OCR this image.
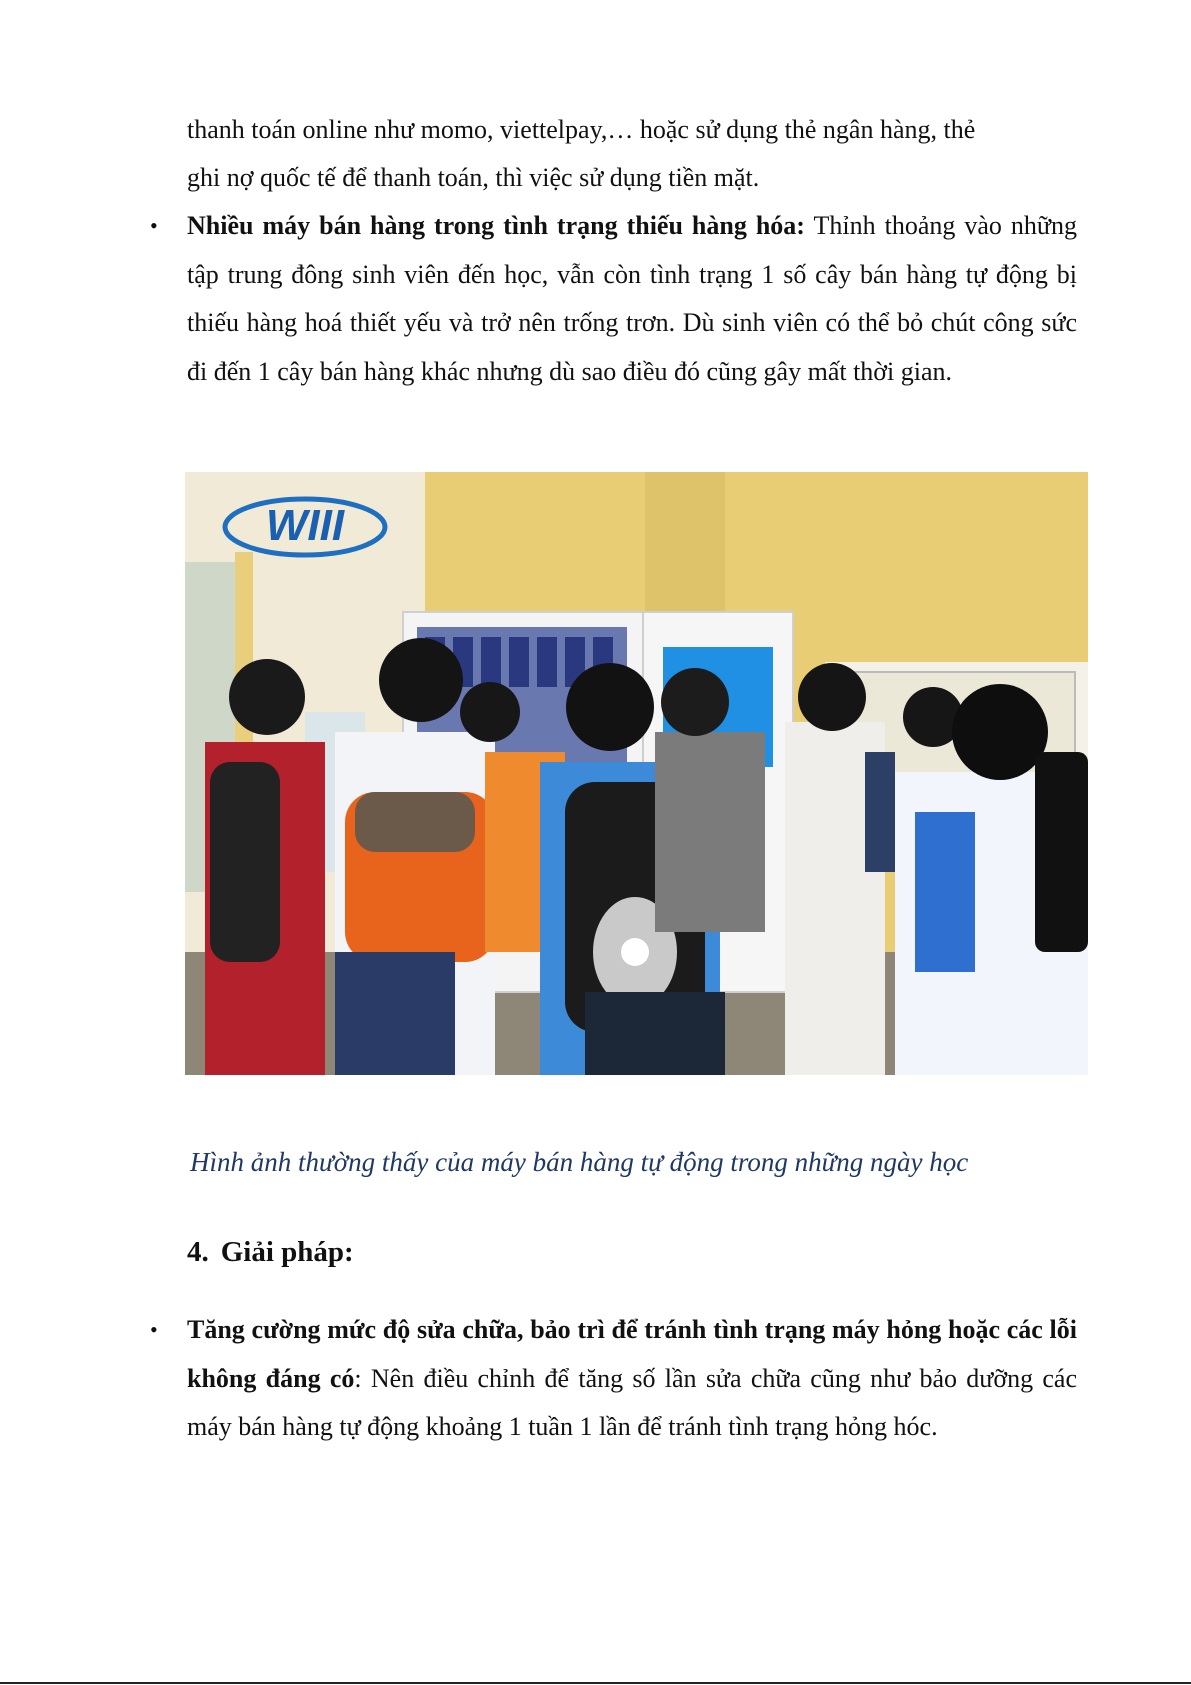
thanh toán online như momo, viettelpay,… hoặc sử dụng thẻ ngân hàng, thẻ

ghi nợ quốc tế để thanh toán, thì việc sử dụng tiền mặt.

• Nhiều máy bán hàng trong tình trạng thiếu hàng hóa: Thỉnh thoảng vào những tập trung đông sinh viên đến học, vẫn còn tình trạng 1 số cây bán hàng tự động bị thiếu hàng hoá thiết yếu và trở nên trống trơn. Dù sinh viên có thể bỏ chút công sức đi đến 1 cây bán hàng khác nhưng dù sao điều đó cũng gây mất thời gian.

WIII

Hình ảnh thường thấy của máy bán hàng tự động trong những ngày học

4. Giải pháp:
• Tăng cường mức độ sửa chữa, bảo trì để tránh tình trạng máy hỏng hoặc các lỗi không đáng có: Nên điều chỉnh để tăng số lần sửa chữa cũng như bảo dưỡng các máy bán hàng tự động khoảng 1 tuần 1 lần để tránh tình trạng hỏng hóc.
